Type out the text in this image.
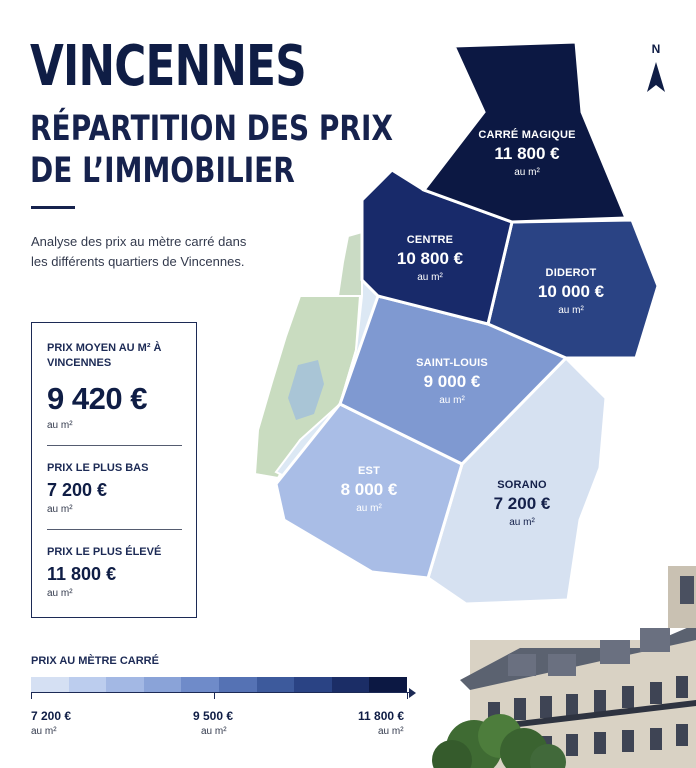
CARRÉ MAGIQUE
11 800 €
au m²
CENTRE
10 800 €
au m²	DIDEROT
10 000 €
au m²
SAINT-LOUIS
9 000 €
au m²
EST
8 000 €
au m²
SORANO
7 200 €
au m²
N
VINCENNES
RÉPARTITION DES PRIX
DE L’IMMOBILIER
Analyse des prix au mètre carré dans les différents quartiers de Vincennes.
PRIX MOYEN AU M² À VINCENNES
9 420 €
au m²
PRIX LE PLUS BAS
7 200 €
au m²
PRIX LE PLUS ÉLEVÉ
11 800 €
au m²
PRIX AU MÈTRE CARRÉ
7 200 €
au m²
9 500 €
au m²
11 800 €
au m²
